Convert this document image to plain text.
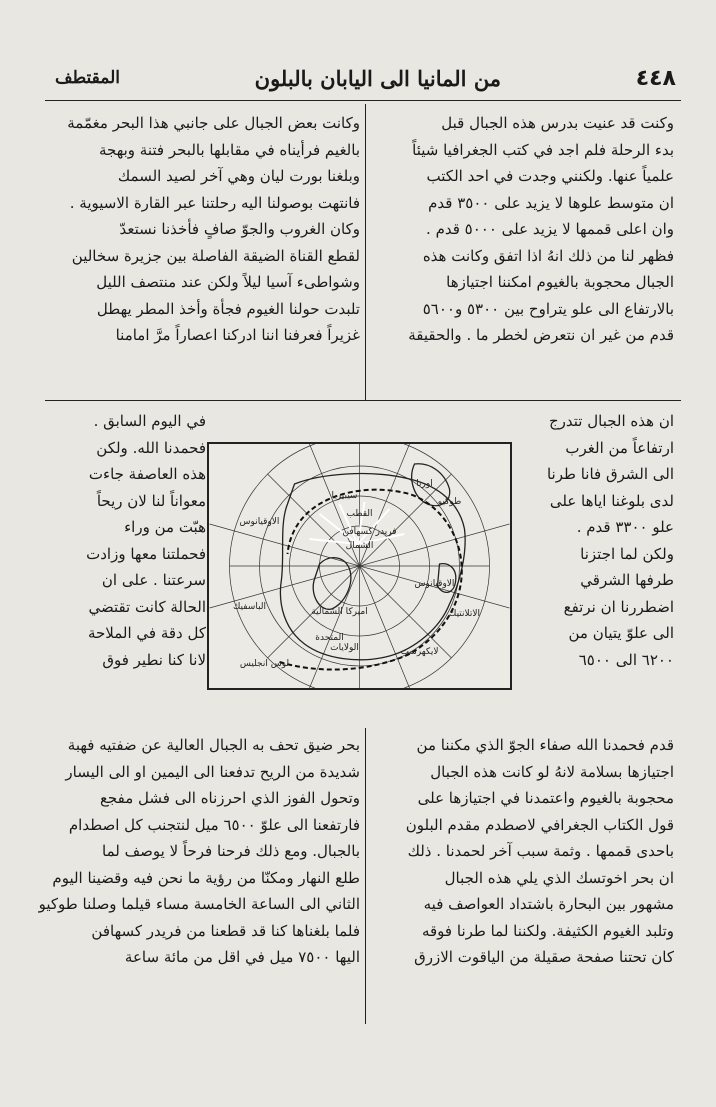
٤٤٨
من المانيا الى اليابان بالبلون
المقتطف

وكنت قد عنيت بدرس هذه الجبال قبل

بدء الرحلة فلم اجد في كتب الجغرافيا شيئاً

علمياً عنها. ولكنني وجدت في احد الكتب

ان متوسط علوها لا يزيد على ٣٥٠٠ قدم

وان اعلى قممها لا يزيد على ٥٠٠٠ قدم .

فظهر لنا من ذلك انهُ اذا اتفق وكانت هذه

الجبال محجوبة بالغيوم امكننا اجتيازها

بالارتفاع الى علو يتراوح بين ٥٣٠٠ و٥٦٠٠

قدم من غير ان نتعرض لخطر ما . والحقيقة

وكانت بعض الجبال على جانبي هذا البحر مغمّمة

بالغيم فرأيناه في مقابلها بالبحر فتنة وبهجة

وبلغنا بورت ليان وهي آخر لصيد السمك

فانتهت بوصولنا اليه رحلتنا عبر القارة الاسيوية .

وكان الغروب والجوّ صافٍ فأخذنا نستعدّ

لقطع القناة الضيقة الفاصلة بين جزيرة سخالين

وشواطىء آسيا ليلاً ولكن عند منتصف الليل

تلبدت حولنا الغيوم فجأة وأخذ المطر يهطل

غزيراً فعرفنا اننا ادركنا اعصاراً مرَّ امامنا

ان هذه الجبال تتدرج

ارتفاعاً من الغرب

الى الشرق فانا طرنا

لدى بلوغنا اياها على

علو ٣٣٠٠ قدم .

ولكن لما اجتزنا

طرفها الشرقي

اضطررنا ان نرتفع

الى علوّ يتيان من

٦٢٠٠ الى ٦٥٠٠

في اليوم السابق .

فحمدنا الله. ولكن

هذه العاصفة جاءت

معواناً لنا لان ريحاً

هبّت من وراء

فحملتنا معها وزادت

سرعتنا . على ان

الحالة كانت تقتضي

كل دقة في الملاحة

لانا كنا نطير فوق

القطب
فريدر كسهافن
الشمال
سيبيريا
اوربا
الاوقيانوس
اميركا الشمالية	الاتلانتيك
الباسفيك
لايكهرست
لوس انجليس
الولايات
المتحدة
طوكيو
الاوقيانوس

قدم فحمدنا الله صفاء الجوّ الذي مكننا من

اجتيازها بسلامة لانهُ لو كانت هذه الجبال

محجوبة بالغيوم واعتمدنا في اجتيازها على

قول الكتاب الجغرافي لاصطدم مقدم البلون

باحدى قممها . وثمة سبب آخر لحمدنا . ذلك

ان بحر اخوتسك الذي يلي هذه الجبال

مشهور بين البحارة باشتداد العواصف فيه

وتلبد الغيوم الكثيفة. ولكننا لما طرنا فوقه

كان تحتنا صفحة صقيلة من الياقوت الازرق

بحر ضيق تحف به الجبال العالية عن ضفتيه فهبة

شديدة من الريح تدفعنا الى اليمين او الى اليسار

وتحول الفوز الذي احرزناه الى فشل مفجع

فارتفعنا الى علوّ ٦٥٠٠ ميل لنتجنب كل اصطدام

بالجبال. ومع ذلك فرحنا فرحاً لا يوصف لما

طلع النهار ومكنّا من رؤية ما نحن فيه وقضينا اليوم

الثاني الى الساعة الخامسة مساء قيلما وصلنا طوكيو

فلما بلغناها كنا قد قطعنا من فريدر كسهافن

اليها ٧٥٠٠ ميل في اقل من مائة ساعة
